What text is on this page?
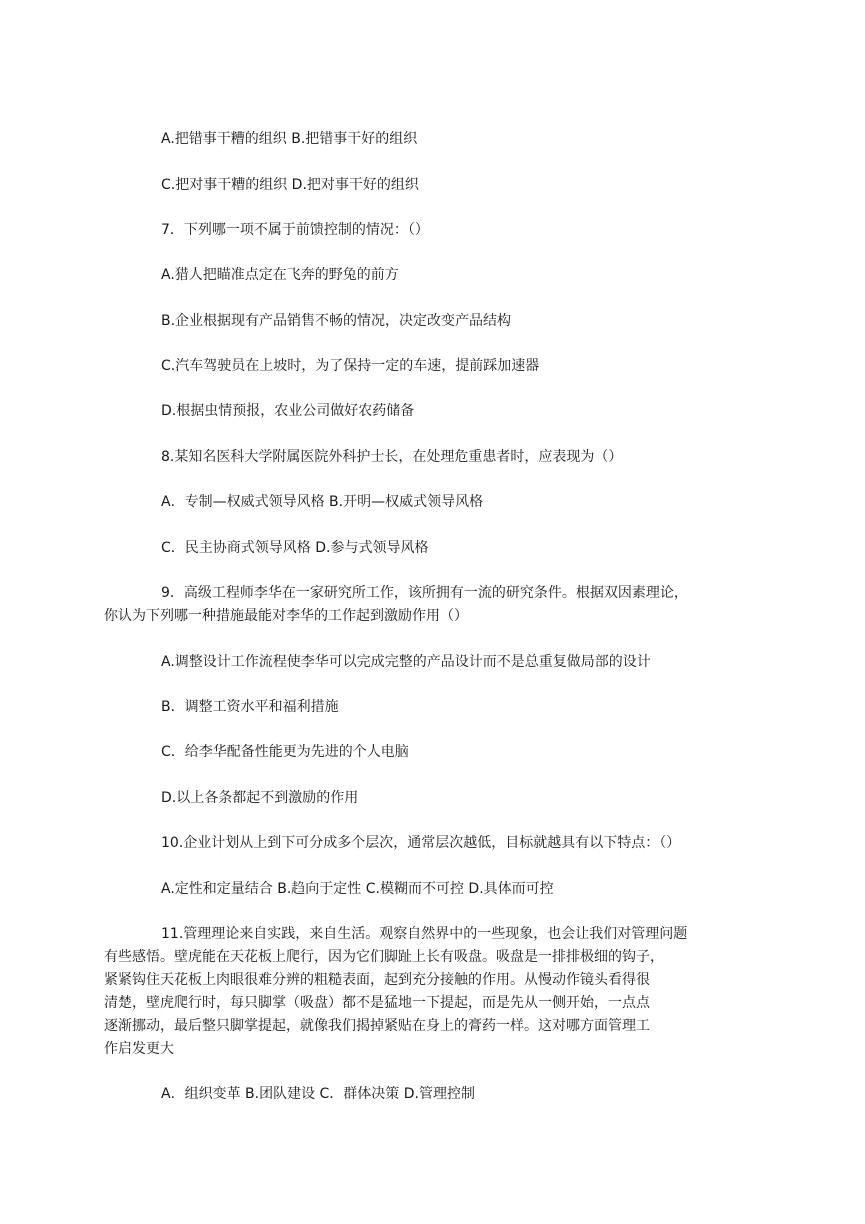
A.把错事干糟的组织 B.把错事干好的组织
C.把对事干糟的组织 D.把对事干好的组织
7．下列哪一项不属于前馈控制的情况：（）
A.猎人把瞄准点定在飞奔的野兔的前方
B.企业根据现有产品销售不畅的情况，决定改变产品结构
C.汽车驾驶员在上坡时，为了保持一定的车速，提前踩加速器
D.根据虫情预报，农业公司做好农药储备
8.某知名医科大学附属医院外科护士长，在处理危重患者时，应表现为（）
A．专制—权威式领导风格 B.开明—权威式领导风格
C．民主协商式领导风格 D.参与式领导风格
9．高级工程师李华在一家研究所工作，该所拥有一流的研究条件。根据双因素理论，
你认为下列哪一种措施最能对李华的工作起到激励作用（）
A.调整设计工作流程使李华可以完成完整的产品设计而不是总重复做局部的设计
B．调整工资水平和福利措施
C．给李华配备性能更为先进的个人电脑
D.以上各条都起不到激励的作用
10.企业计划从上到下可分成多个层次，通常层次越低，目标就越具有以下特点：（）
A.定性和定量结合 B.趋向于定性 C.模糊而不可控 D.具体而可控
11.管理理论来自实践，来自生活。观察自然界中的一些现象，也会让我们对管理问题
有些感悟。壁虎能在天花板上爬行，因为它们脚趾上长有吸盘。吸盘是一排排极细的钩子，
紧紧钩住天花板上肉眼很难分辨的粗糙表面，起到充分接触的作用。从慢动作镜头看得很
清楚，壁虎爬行时，每只脚掌（吸盘）都不是猛地一下提起，而是先从一侧开始，一点点
逐渐挪动，最后整只脚掌提起，就像我们揭掉紧贴在身上的膏药一样。这对哪方面管理工
作启发更大
A．组织变革 B.团队建设 C．群体决策 D.管理控制
